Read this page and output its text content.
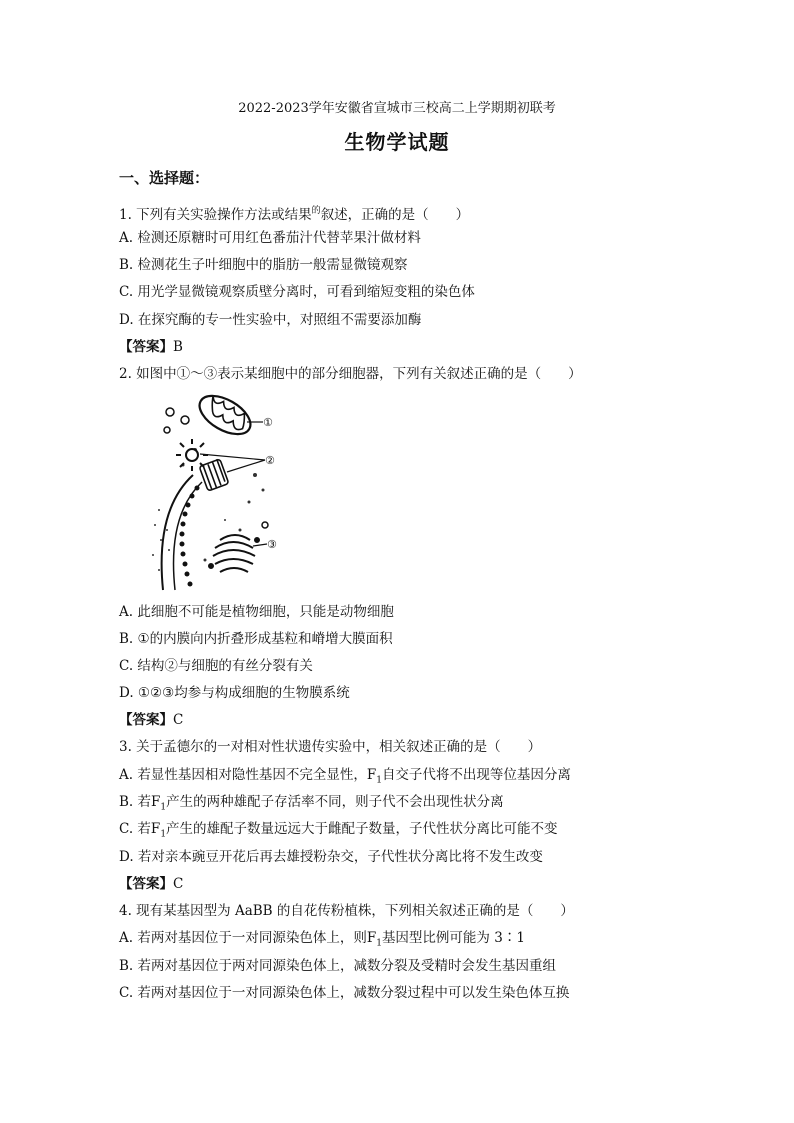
2022-2023学年安徽省宣城市三校高二上学期期初联考
生物学试题
一、选择题：
1. 下列有关实验操作方法或结果$^的$叙述，正确的是（　　）
A. 检测还原糖时可用红色番茄汁代替苹果汁做材料
B. 检测花生子叶细胞中的脂肪一般需显微镜观察
C. 用光学显微镜观察质壁分离时，可看到缩短变粗的染色体
D. 在探究酶的专一性实验中，对照组不需要添加酶
【答案】B
2. 如图中①～③表示某细胞中的部分细胞器，下列有关叙述正确的是（　　）
①
②
③
A. 此细胞不可能是植物细胞，只能是动物细胞
B. ①的内膜向内折叠形成基粒和嵴增大膜面积
C. 结构②与细胞的有丝分裂有关
D. ①②③均参与构成细胞的生物膜系统
【答案】C
3. 关于孟德尔的一对相对性状遗传实验中，相关叙述正确的是（　　）
A. 若显性基因相对隐性基因不完全显性，$F_1$自交子代将不出现等位基因分离
B. 若$F_1$产生的两种雄配子存活率不同，则子代不会出现性状分离
C. 若$F_1$产生的雄配子数量远远大于雌配子数量，子代性状分离比可能不变
D. 若对亲本豌豆开花后再去雄授粉杂交，子代性状分离比将不发生改变
【答案】C
4. 现有某基因型为 AaBB 的自花传粉植株，下列相关叙述正确的是（　　）
A. 若两对基因位于一对同源染色体上，则$F_1$基因型比例可能为 3∶1
B. 若两对基因位于两对同源染色体上，减数分裂及受精时会发生基因重组
C. 若两对基因位于一对同源染色体上，减数分裂过程中可以发生染色体互换
